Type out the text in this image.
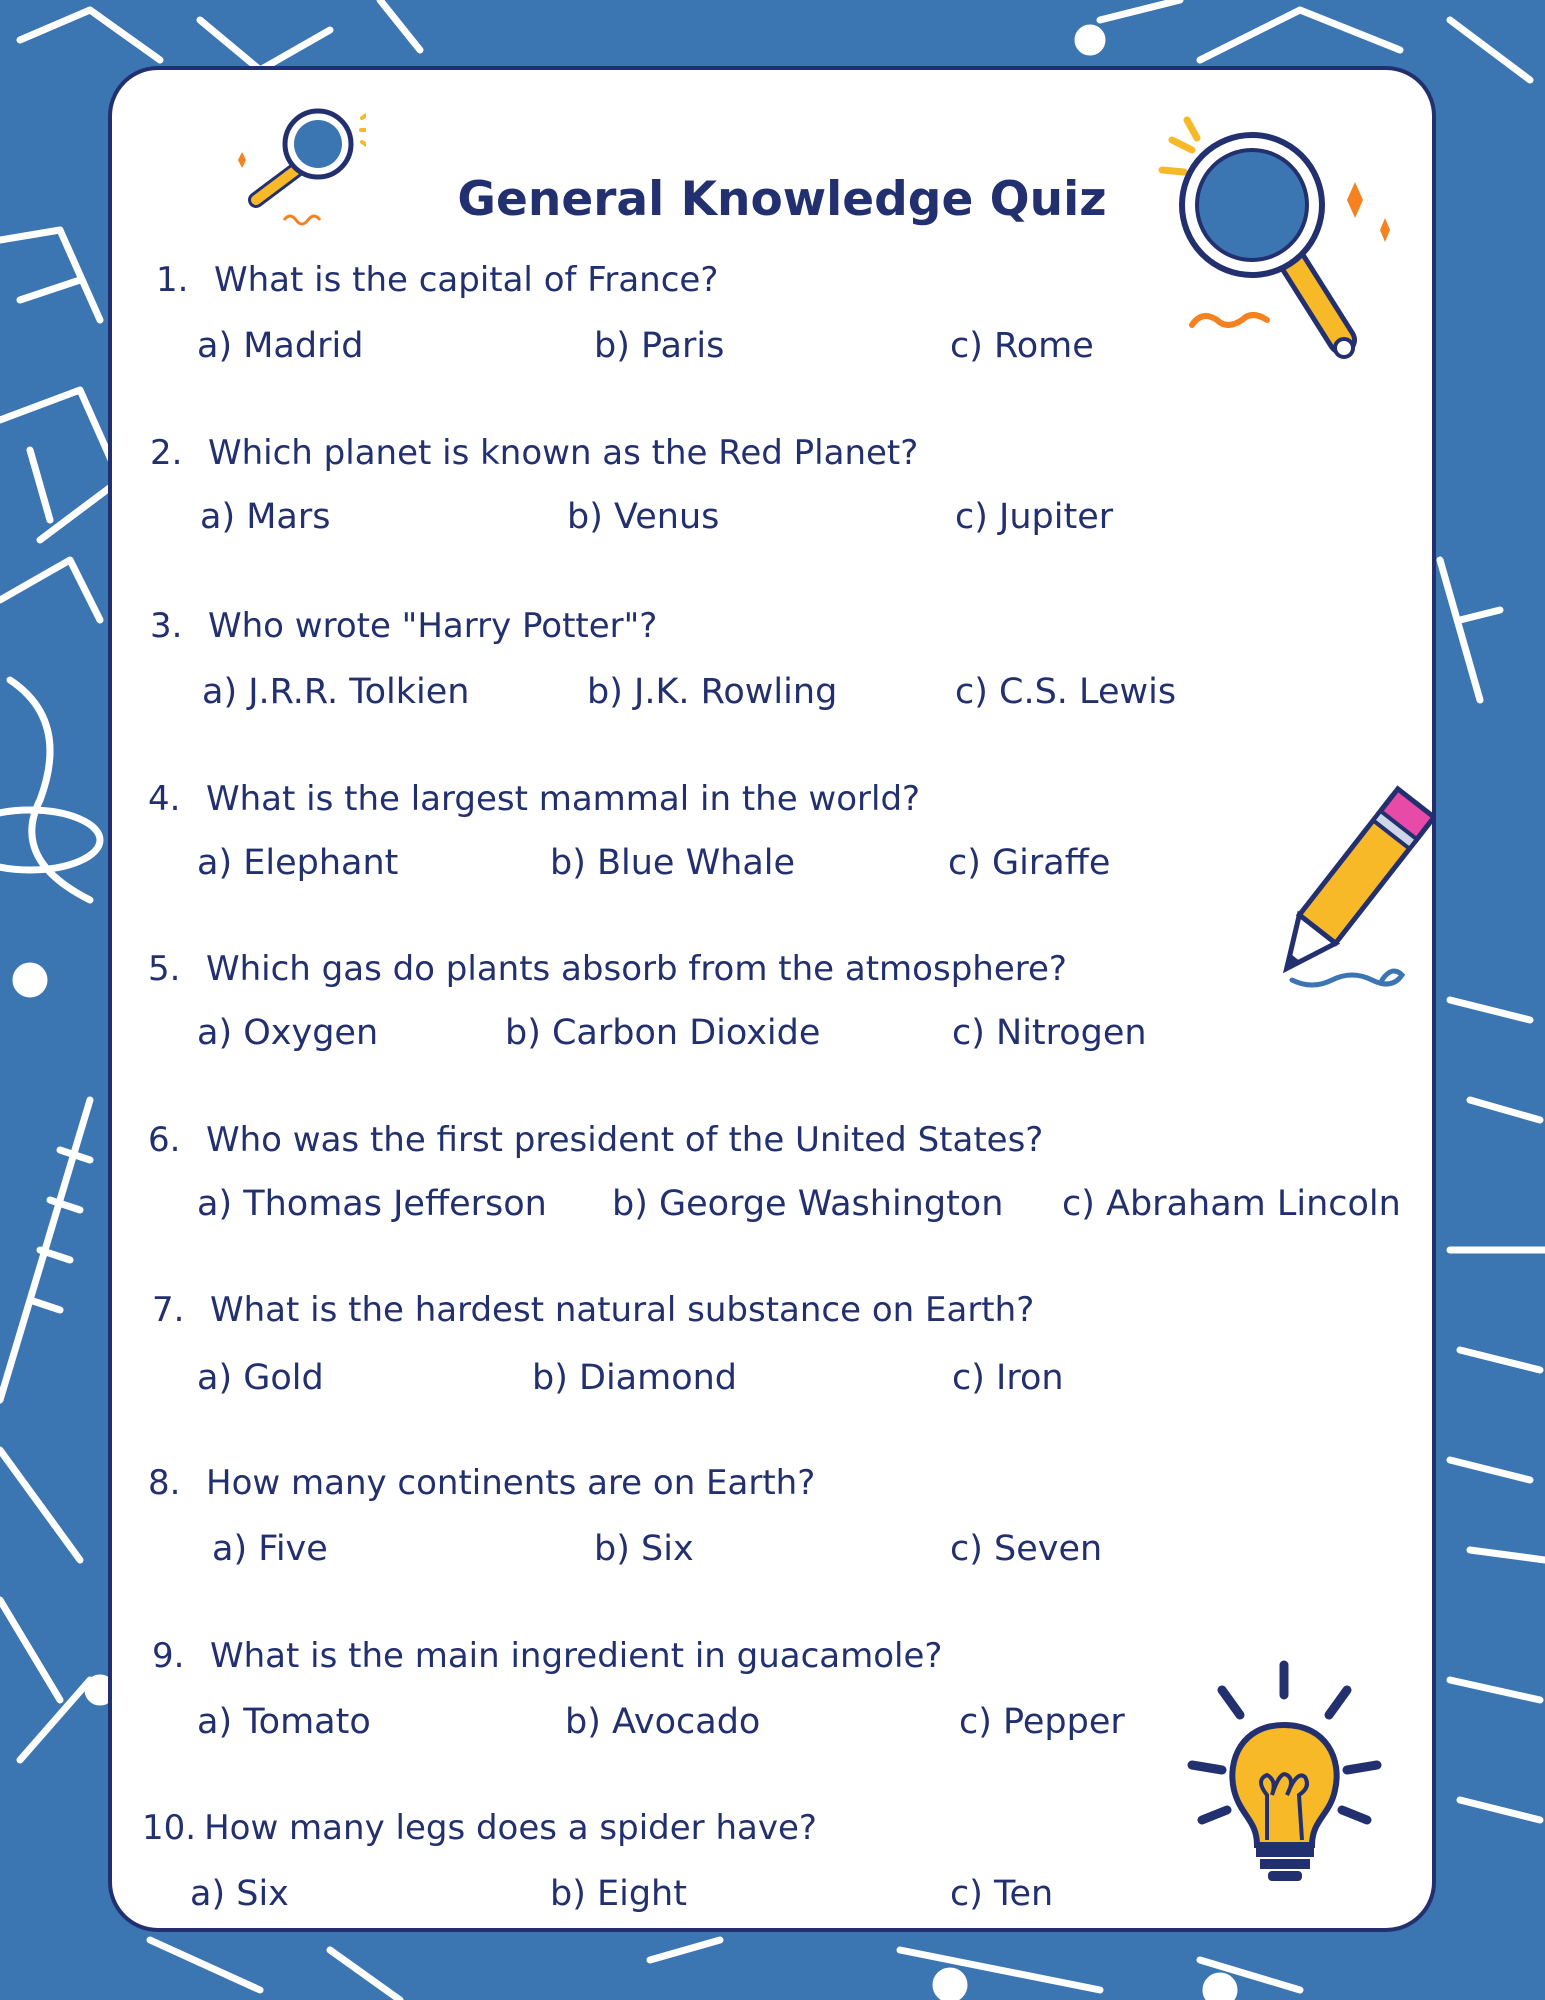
General Knowledge Quiz
1. What is the capital of France?
a) Madrid	b) Paris	c) Rome
2. Which planet is known as the Red Planet?
a) Mars	b) Venus	c) Jupiter
3. Who wrote "Harry Potter"?
a) J.R.R. Tolkien	b) J.K. Rowling	c) C.S. Lewis
4. What is the largest mammal in the world?
a) Elephant	b) Blue Whale	c) Giraffe
5. Which gas do plants absorb from the atmosphere?
a) Oxygen	b) Carbon Dioxide	c) Nitrogen
6. Who was the first president of the United States?
a) Thomas Jefferson b) George Washington c) Abraham Lincoln
7. What is the hardest natural substance on Earth?
a) Gold	b) Diamond	c) Iron
8. How many continents are on Earth?
a) Five	b) Six	c) Seven
9. What is the main ingredient in guacamole?
a) Tomato	b) Avocado	c) Pepper
10. How many legs does a spider have?
a) Six	b) Eight	c) Ten
